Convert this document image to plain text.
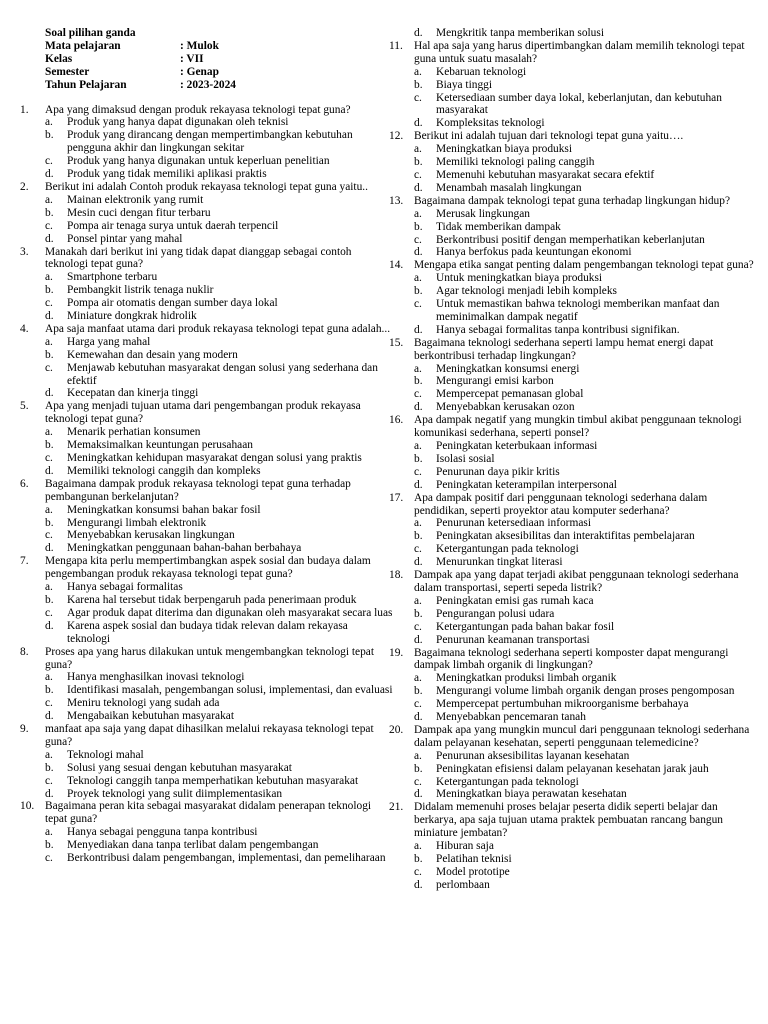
Soal pilihan ganda
Mata pelajaran	: Mulok
Kelas	: VII
Semester	: Genap
Tahun Pelajaran	: 2023-2024
1.	Apa yang dimaksud dengan produk rekayasa teknologi tepat guna?
a.	Produk yang hanya dapat digunakan oleh teknisi
b.	Produk yang dirancang dengan mempertimbangkan kebutuhan pengguna akhir dan lingkungan sekitar
c.	Produk yang hanya digunakan untuk keperluan penelitian
d.	Produk yang tidak memiliki aplikasi praktis
2.	Berikut ini adalah Contoh produk rekayasa teknologi tepat guna yaitu..
a.	Mainan elektronik yang rumit
b.	Mesin cuci dengan fitur terbaru
c.	Pompa air tenaga surya untuk daerah terpencil
d.	Ponsel pintar yang mahal
3.	Manakah dari berikut ini yang tidak dapat dianggap sebagai contoh teknologi tepat guna?
a.	Smartphone terbaru
b.	Pembangkit listrik tenaga nuklir
c.	Pompa air otomatis dengan sumber daya lokal
d.	Miniature dongkrak hidrolik
4.	Apa saja manfaat utama dari produk rekayasa teknologi tepat guna adalah...
a.	Harga yang mahal
b.	Kemewahan dan desain yang modern
c.	Menjawab kebutuhan masyarakat dengan solusi yang sederhana dan efektif
d.	Kecepatan dan kinerja tinggi
5.	Apa yang menjadi tujuan utama dari pengembangan produk rekayasa teknologi tepat guna?
a.	Menarik perhatian konsumen
b.	Memaksimalkan keuntungan perusahaan
c.	Meningkatkan kehidupan masyarakat dengan solusi yang praktis
d.	Memiliki teknologi canggih dan kompleks
6.	Bagaimana dampak produk rekayasa teknologi tepat guna terhadap pembangunan berkelanjutan?
a.	Meningkatkan konsumsi bahan bakar fosil
b.	Mengurangi limbah elektronik
c.	Menyebabkan kerusakan lingkungan
d.	Meningkatkan penggunaan bahan-bahan berbahaya
7.	Mengapa kita perlu mempertimbangkan aspek sosial dan budaya dalam pengembangan produk rekayasa teknologi tepat guna?
a.	Hanya sebagai formalitas
b.	Karena hal tersebut tidak berpengaruh pada penerimaan produk
c.	Agar produk dapat diterima dan digunakan oleh masyarakat secara luas
d.	Karena aspek sosial dan budaya tidak relevan dalam rekayasa teknologi
8.	Proses apa yang harus dilakukan untuk mengembangkan teknologi tepat guna?
a.	Hanya menghasilkan inovasi teknologi
b.	Identifikasi masalah, pengembangan solusi, implementasi, dan evaluasi
c.	Meniru teknologi yang sudah ada
d.	Mengabaikan kebutuhan masyarakat
9.	manfaat apa saja yang dapat dihasilkan melalui rekayasa teknologi tepat guna?
a.	Teknologi mahal
b.	Solusi yang sesuai dengan kebutuhan masyarakat
c.	Teknologi canggih tanpa memperhatikan kebutuhan masyarakat
d.	Proyek teknologi yang sulit diimplementasikan
10. Bagaimana peran kita sebagai masyarakat didalam penerapan teknologi tepat guna?
a.	Hanya sebagai pengguna tanpa kontribusi
b.	Menyediakan dana tanpa terlibat dalam pengembangan
c.	Berkontribusi dalam pengembangan, implementasi, dan pemeliharaan
d.	Mengkritik tanpa memberikan solusi
11. Hal apa saja yang harus dipertimbangkan dalam memilih teknologi tepat guna untuk suatu masalah?
a.	Kebaruan teknologi
b.	Biaya tinggi
c.	Ketersediaan sumber daya lokal, keberlanjutan, dan kebutuhan masyarakat
d.	Kompleksitas teknologi
12. Berikut ini adalah tujuan dari teknologi tepat guna yaitu….
a.	Meningkatkan biaya produksi
b.	Memiliki teknologi paling canggih
c.	Memenuhi kebutuhan masyarakat secara efektif
d.	Menambah masalah lingkungan
13. Bagaimana dampak teknologi tepat guna terhadap lingkungan hidup?
a.	Merusak lingkungan
b.	Tidak memberikan dampak
c.	Berkontribusi positif dengan memperhatikan keberlanjutan
d.	Hanya berfokus pada keuntungan ekonomi
14. Mengapa etika sangat penting dalam pengembangan teknologi tepat guna?
a.	Untuk meningkatkan biaya produksi
b.	Agar teknologi menjadi lebih kompleks
c.	Untuk memastikan bahwa teknologi memberikan manfaat dan meminimalkan dampak negatif
d.	Hanya sebagai formalitas tanpa kontribusi signifikan.
15. Bagaimana teknologi sederhana seperti lampu hemat energi dapat berkontribusi terhadap lingkungan?
a.	Meningkatkan konsumsi energi
b.	Mengurangi emisi karbon
c.	Mempercepat pemanasan global
d.	Menyebabkan kerusakan ozon
16. Apa dampak negatif yang mungkin timbul akibat penggunaan teknologi komunikasi sederhana, seperti ponsel?
a.	Peningkatan keterbukaan informasi
b.	Isolasi sosial
c.	Penurunan daya pikir kritis
d.	Peningkatan keterampilan interpersonal
17. Apa dampak positif dari penggunaan teknologi sederhana dalam pendidikan, seperti proyektor atau komputer sederhana?
a.	Penurunan ketersediaan informasi
b.	Peningkatan aksesibilitas dan interaktifitas pembelajaran
c.	Ketergantungan pada teknologi
d.	Menurunkan tingkat literasi
18. Dampak apa yang dapat terjadi akibat penggunaan teknologi sederhana dalam transportasi, seperti sepeda listrik?
a.	Peningkatan emisi gas rumah kaca
b.	Pengurangan polusi udara
c.	Ketergantungan pada bahan bakar fosil
d.	Penurunan keamanan transportasi
19. Bagaimana teknologi sederhana seperti komposter dapat mengurangi dampak limbah organik di lingkungan?
a.	Meningkatkan produksi limbah organik
b.	Mengurangi volume limbah organik dengan proses pengomposan
c.	Mempercepat pertumbuhan mikroorganisme berbahaya
d.	Menyebabkan pencemaran tanah
20. Dampak apa yang mungkin muncul dari penggunaan teknologi sederhana dalam pelayanan kesehatan, seperti penggunaan telemedicine?
a.	Penurunan aksesibilitas layanan kesehatan
b.	Peningkatan efisiensi dalam pelayanan kesehatan jarak jauh
c.	Ketergantungan pada teknologi
d.	Meningkatkan biaya perawatan kesehatan
21. Didalam memenuhi proses belajar peserta didik seperti belajar dan berkarya, apa saja tujuan utama praktek pembuatan rancang bangun miniature jembatan?
a.	Hiburan saja
b.	Pelatihan teknisi
c.	Model prototipe
d.	perlombaan
